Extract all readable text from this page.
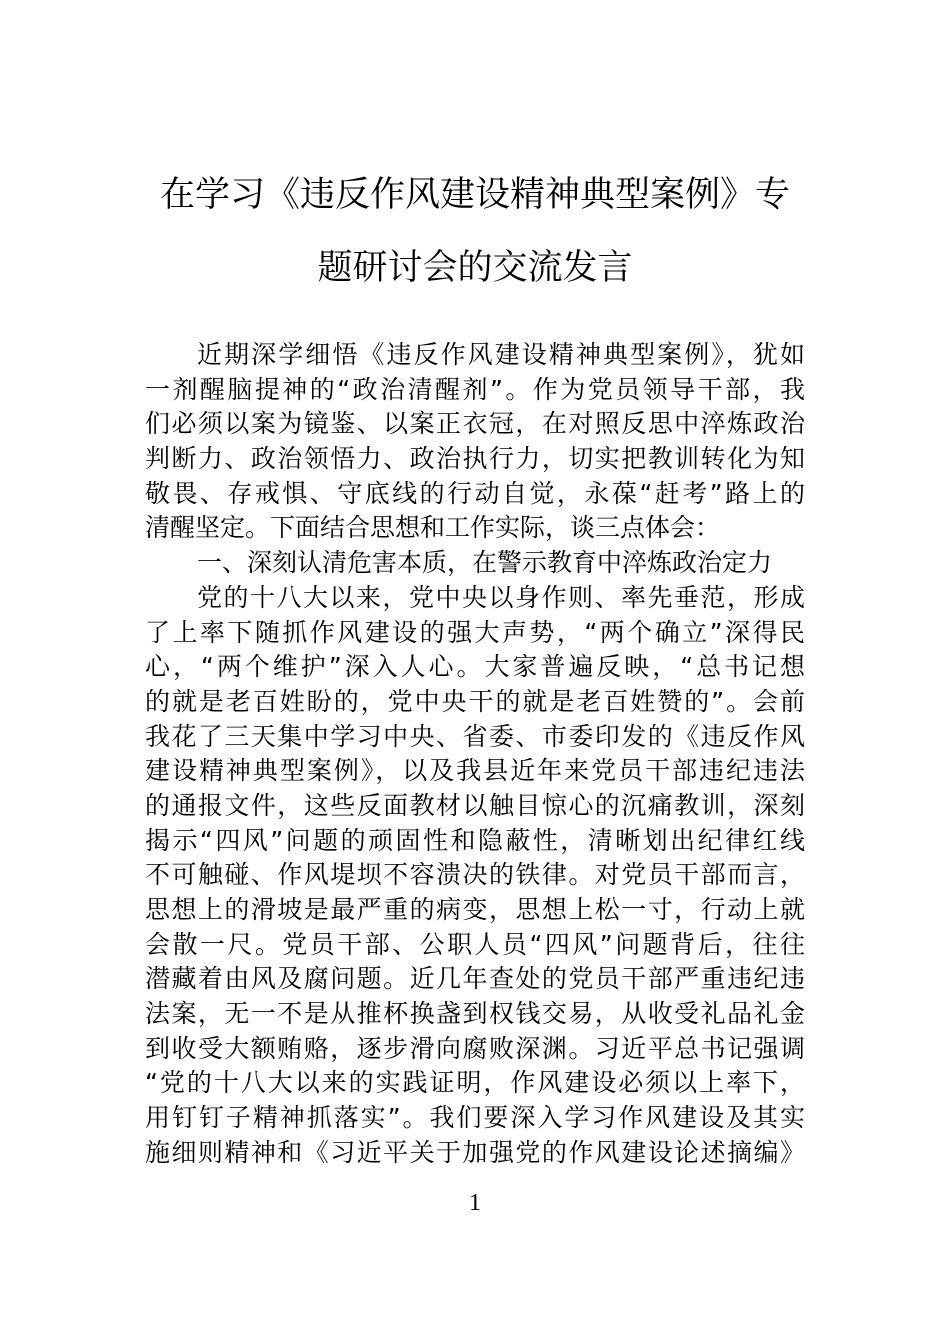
在学习《违反作风建设精神典型案例》专
题研讨会的交流发言
近期深学细悟《违反作风建设精神典型案例》，犹如
一剂醒脑提神的“政治清醒剂”。作为党员领导干部，我
们必须以案为镜鉴、以案正衣冠，在对照反思中淬炼政治
判断力、政治领悟力、政治执行力，切实把教训转化为知
敬畏、存戒惧、守底线的行动自觉，永葆“赶考”路上的
清醒坚定。下面结合思想和工作实际，谈三点体会：
一、深刻认清危害本质，在警示教育中淬炼政治定力
党的十八大以来，党中央以身作则、率先垂范，形成
了上率下随抓作风建设的强大声势，“两个确立”深得民
心，“两个维护”深入人心。大家普遍反映，“总书记想
的就是老百姓盼的，党中央干的就是老百姓赞的”。会前
我花了三天集中学习中央、省委、市委印发的《违反作风
建设精神典型案例》，以及我县近年来党员干部违纪违法
的通报文件，这些反面教材以触目惊心的沉痛教训，深刻
揭示“四风”问题的顽固性和隐蔽性，清晰划出纪律红线
不可触碰、作风堤坝不容溃决的铁律。对党员干部而言，
思想上的滑坡是最严重的病变，思想上松一寸，行动上就
会散一尺。党员干部、公职人员“四风”问题背后，往往
潜藏着由风及腐问题。近几年查处的党员干部严重违纪违
法案，无一不是从推杯换盏到权钱交易，从收受礼品礼金
到收受大额贿赂，逐步滑向腐败深渊。习近平总书记强调
“党的十八大以来的实践证明，作风建设必须以上率下，
用钉钉子精神抓落实”。我们要深入学习作风建设及其实
施细则精神和《习近平关于加强党的作风建设论述摘编》
1
